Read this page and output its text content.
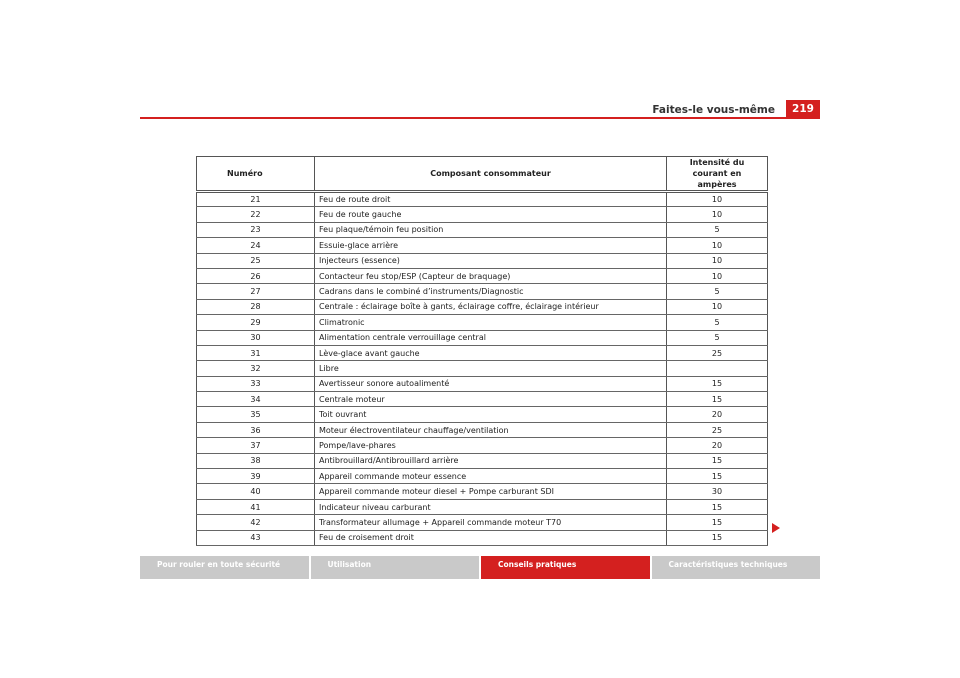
Faites-le vous-même	219
Numéro	Composant consommateur	Intensité du courant en
ampères

21	Feu de route droit	10
22	Feu de route gauche	10
23	Feu plaque/témoin feu position	5
24	Essuie-glace arrière	10
25	Injecteurs (essence)	10
26	Contacteur feu stop/ESP (Capteur de braquage)	10
27	Cadrans dans le combiné d’instruments/Diagnostic	5
28	Centrale : éclairage boîte à gants, éclairage coffre, éclairage intérieur	10
29	Climatronic	5
30	Alimentation centrale verrouillage central	5
31	Lève-glace avant gauche	25
32	Libre	
33	Avertisseur sonore autoalimenté	15
34	Centrale moteur	15
35	Toit ouvrant	20
36	Moteur électroventilateur chauffage/ventilation	25
37	Pompe/lave-phares	20
38	Antibrouillard/Antibrouillard arrière	15
39	Appareil commande moteur essence	15
40	Appareil commande moteur diesel + Pompe carburant SDI	30
41	Indicateur niveau carburant	15
42	Transformateur allumage + Appareil commande moteur T70	15
43	Feu de croisement droit	15
Pour rouler en toute sécurité	Utilisation	Conseils pratiques	Caractéristiques techniques
